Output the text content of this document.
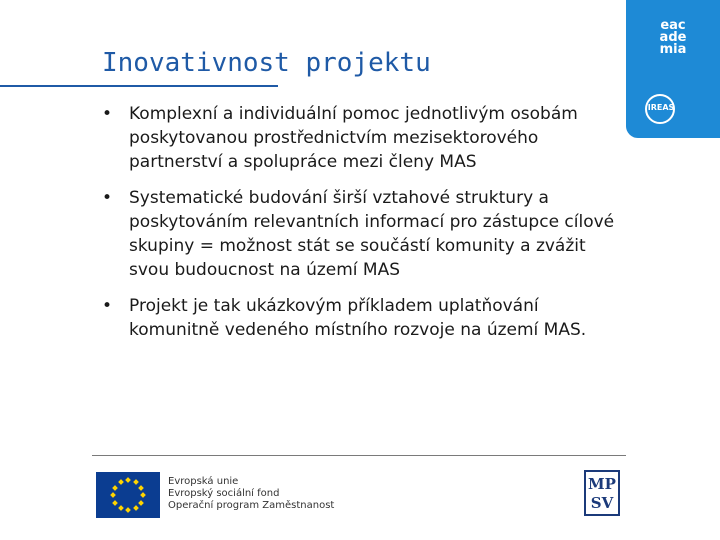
eac
ade
mia
IREAS
Inovativnost projektu
• Komplexní a individuální pomoc jednotlivým osobám poskytovanou prostřednictvím mezisektorového partnerství a spolupráce mezi členy MAS
• Systematické budování širší vztahové struktury a poskytováním relevantních informací pro zástupce cílové skupiny = možnost stát se součástí komunity a zvážit svou budoucnost na území MAS
• Projekt je tak ukázkovým příkladem uplatňování komunitně vedeného místního rozvoje na území MAS.
Evropská unie
Evropský sociální fond
Operační program Zaměstnanost
MP
SV
